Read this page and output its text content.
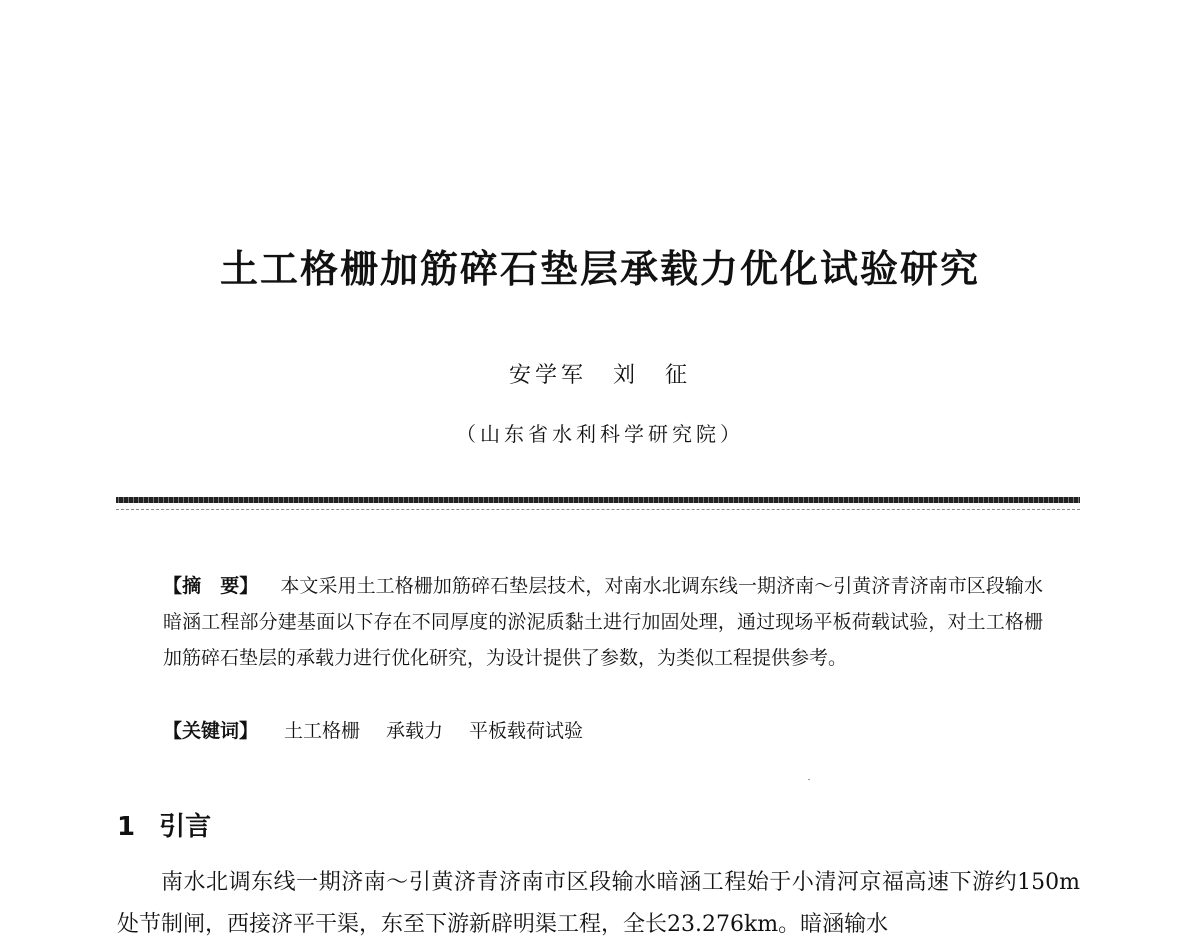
土工格栅加筋碎石垫层承载力优化试验研究
安学军　刘　征
（山东省水利科学研究院）
【摘　要】 本文采用土工格栅加筋碎石垫层技术，对南水北调东线一期济南～引黄济青济南市区段输水暗涵工程部分建基面以下存在不同厚度的淤泥质黏土进行加固处理，通过现场平板荷载试验，对土工格栅加筋碎石垫层的承载力进行优化研究，为设计提供了参数，为类似工程提供参考。
【关键词】 土工格栅 承载力 平板载荷试验
1 引言
南水北调东线一期济南～引黄济青济南市区段输水暗涵工程始于小清河京福高速下游约150m处节制闸，西接济平干渠，东至下游新辟明渠工程，全长23.276km。暗涵输水
